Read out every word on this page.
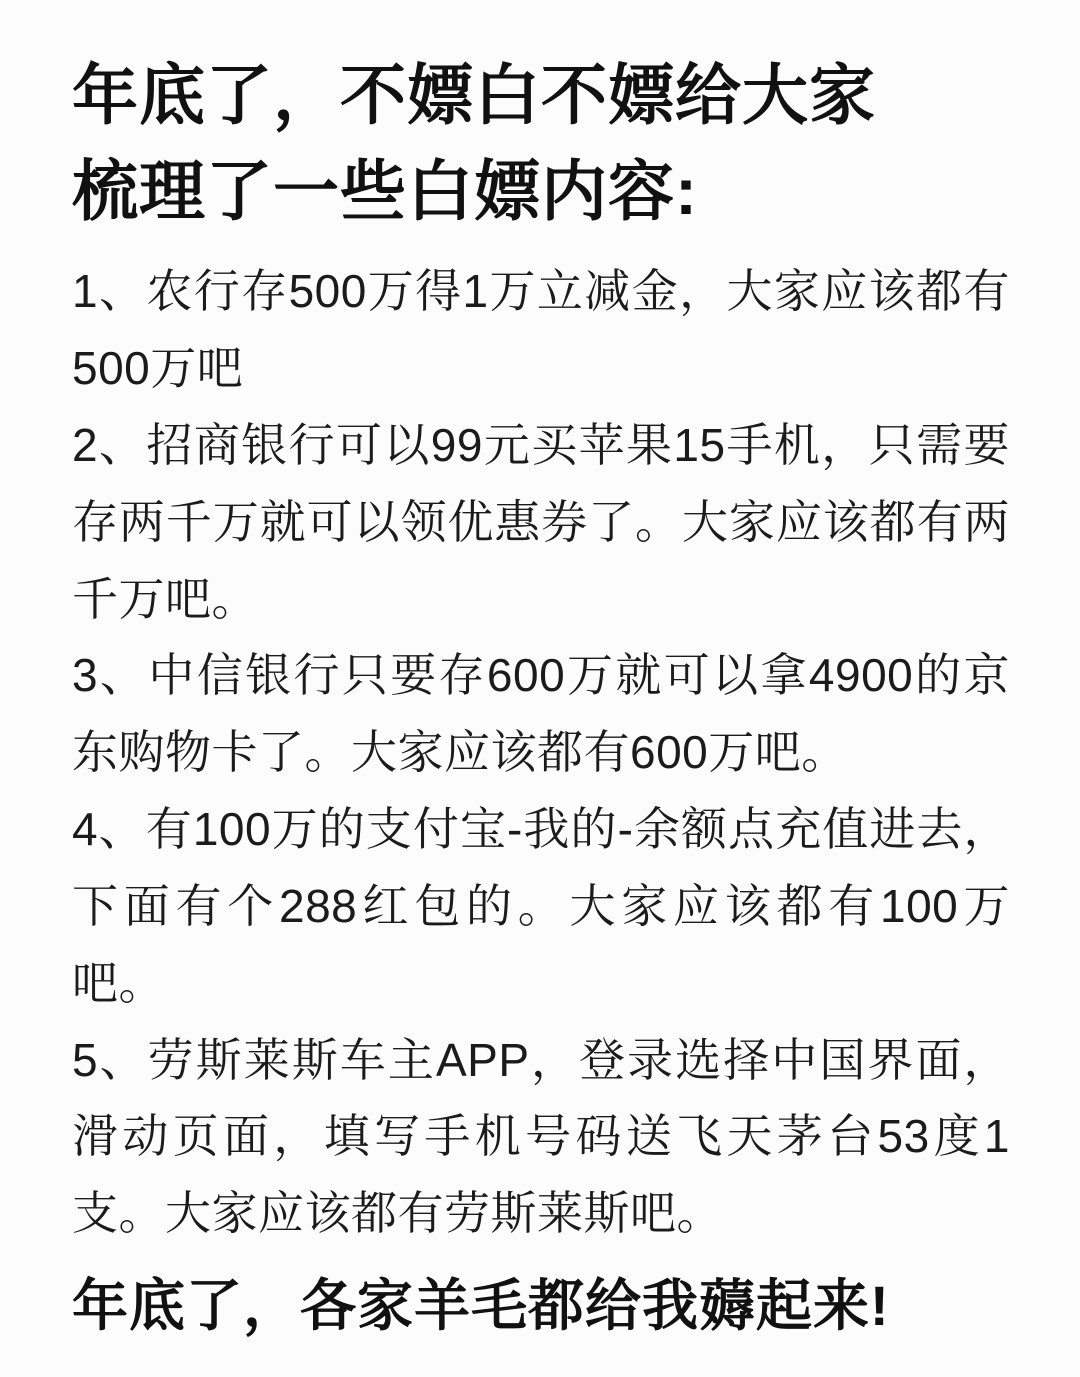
年底了，不嫖白不嫖给大家
梳理了一些白嫖内容:

1、农行存500万得1万立减金，大家应该都有500万吧

2、招商银行可以99元买苹果15手机，只需要存两千万就可以领优惠券了。大家应该都有两千万吧。

3、中信银行只要存600万就可以拿4900的京东购物卡了。大家应该都有600万吧。

4、有100万的支付宝-我的-余额点充值进去，下面有个288红包的。大家应该都有100万吧。

5、劳斯莱斯车主APP，登录选择中国界面，滑动页面，填写手机号码送飞天茅台53度1支。大家应该都有劳斯莱斯吧。

年底了，各家羊毛都给我薅起来!
